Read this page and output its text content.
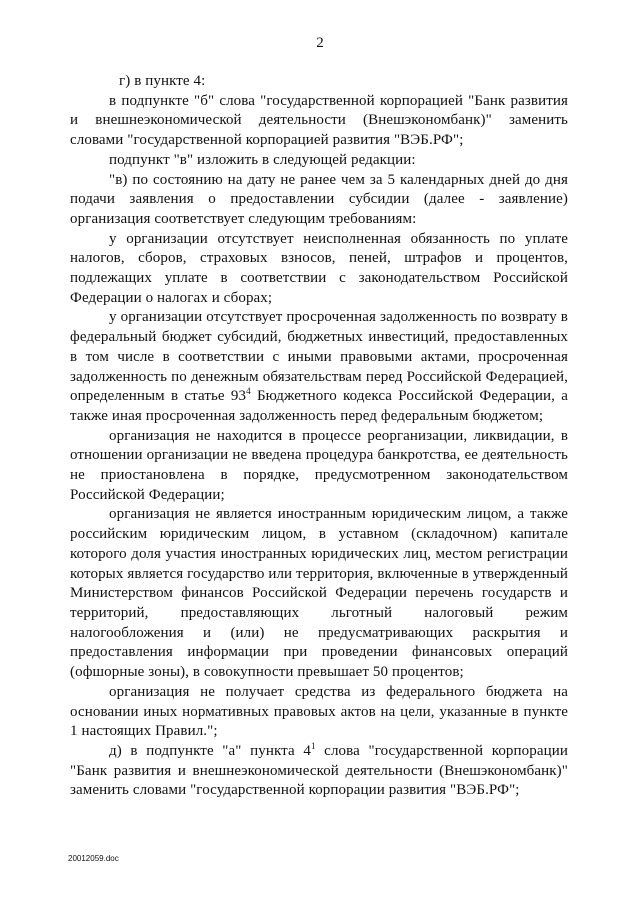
2

г) в пункте 4:

в подпункте "б" слова "государственной корпорацией "Банк развития и внешнеэкономической деятельности (Внешэкономбанк)" заменить словами "государственной корпорацией развития "ВЭБ.РФ";

подпункт "в" изложить в следующей редакции:

"в) по состоянию на дату не ранее чем за 5 календарных дней до дня подачи заявления о предоставлении субсидии (далее - заявление) организация соответствует следующим требованиям:

у организации отсутствует неисполненная обязанность по уплате налогов, сборов, страховых взносов, пеней, штрафов и процентов, подлежащих уплате в соответствии с законодательством Российской Федерации о налогах и сборах;

у организации отсутствует просроченная задолженность по возврату в федеральный бюджет субсидий, бюджетных инвестиций, предоставленных в том числе в соответствии с иными правовыми актами, просроченная задолженность по денежным обязательствам перед Российской Федерацией, определенным в статье $93^4$ Бюджетного кодекса Российской Федерации, а также иная просроченная задолженность перед федеральным бюджетом;

организация не находится в процессе реорганизации, ликвидации, в отношении организации не введена процедура банкротства, ее деятельность не приостановлена в порядке, предусмотренном законодательством Российской Федерации;

организация не является иностранным юридическим лицом, а также российским юридическим лицом, в уставном (складочном) капитале которого доля участия иностранных юридических лиц, местом регистрации которых является государство или территория, включенные в утвержденный Министерством финансов Российской Федерации перечень государств и территорий, предоставляющих льготный налоговый режим налогообложения и (или) не предусматривающих раскрытия и предоставления информации при проведении финансовых операций (офшорные зоны), в совокупности превышает 50 процентов;

организация не получает средства из федерального бюджета на основании иных нормативных правовых актов на цели, указанные в пункте 1 настоящих Правил.";

д) в подпункте "а" пункта $4^1$ слова "государственной корпорации "Банк развития и внешнеэкономической деятельности (Внешэкономбанк)" заменить словами "государственной корпорации развития "ВЭБ.РФ";

20012059.doc
